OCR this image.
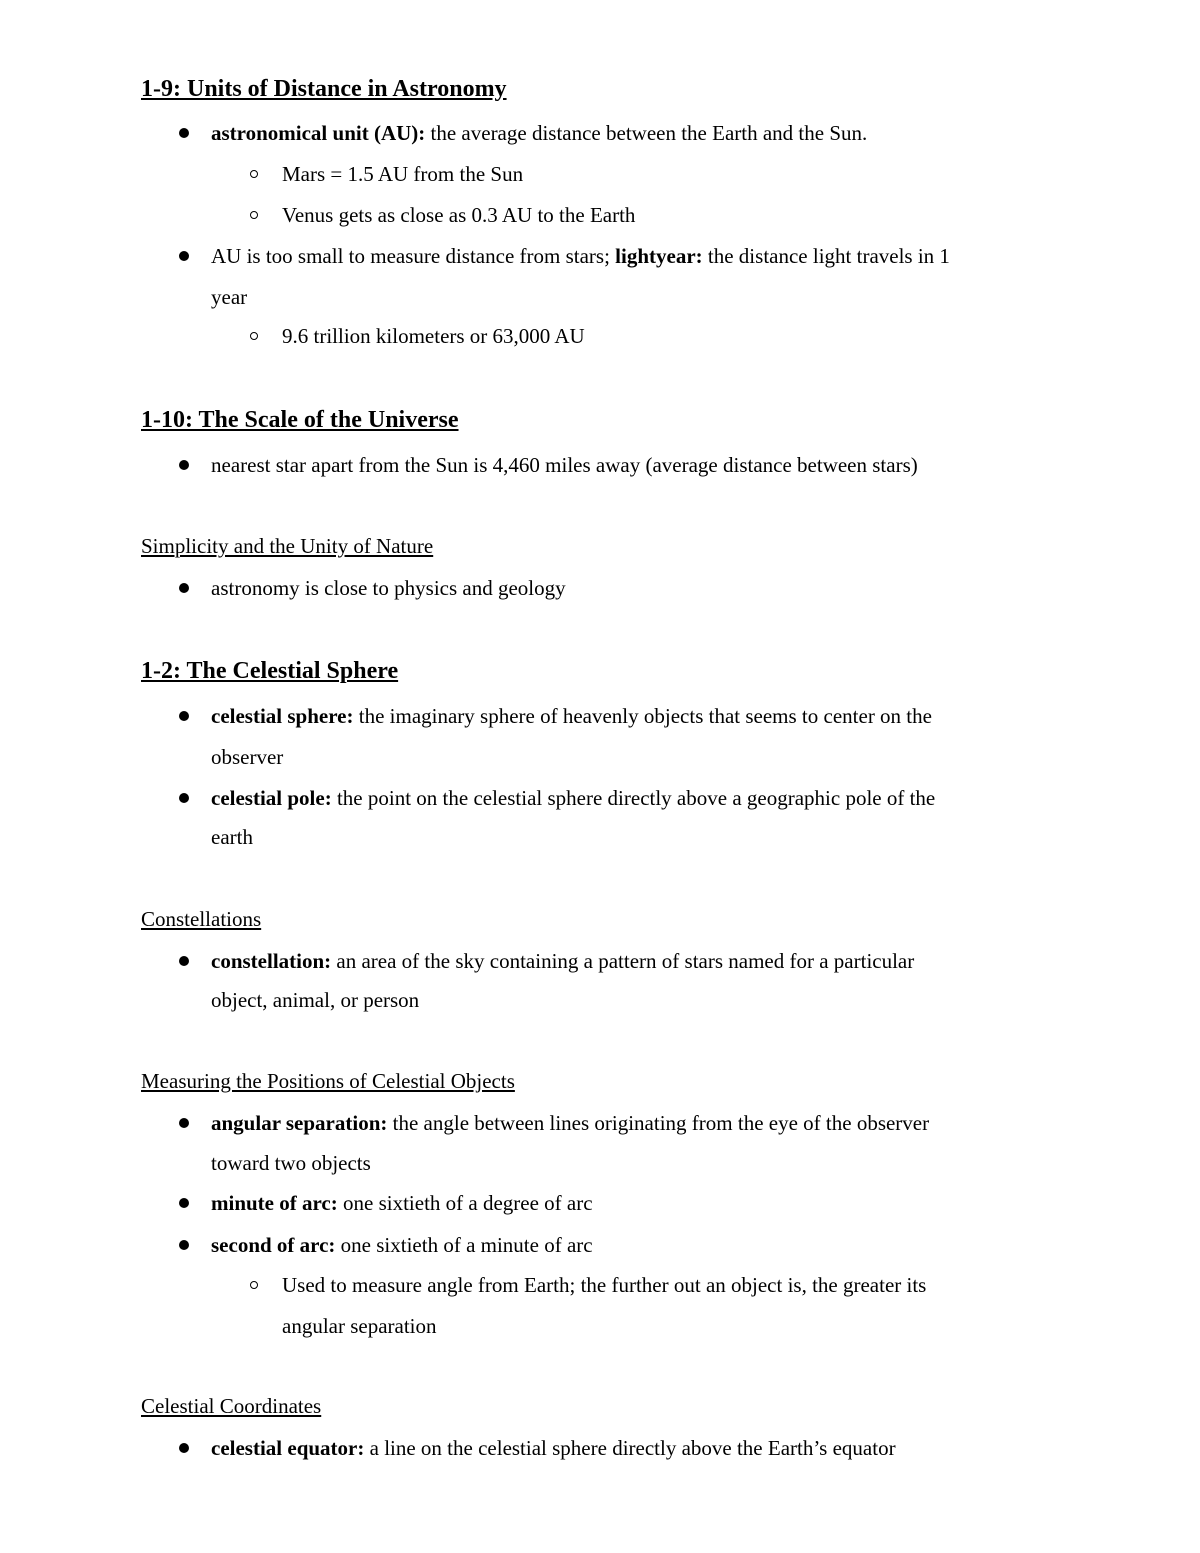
1-9: Units of Distance in Astronomy
astronomical unit (AU): the average distance between the Earth and the Sun.
Mars = 1.5 AU from the Sun
Venus gets as close as 0.3 AU to the Earth
AU is too small to measure distance from stars; lightyear: the distance light travels in 1
year
9.6 trillion kilometers or 63,000 AU
1-10: The Scale of the Universe
nearest star apart from the Sun is 4,460 miles away (average distance between stars)
Simplicity and the Unity of Nature
astronomy is close to physics and geology
1-2: The Celestial Sphere
celestial sphere: the imaginary sphere of heavenly objects that seems to center on the
observer
celestial pole: the point on the celestial sphere directly above a geographic pole of the
earth
Constellations
constellation: an area of the sky containing a pattern of stars named for a particular
object, animal, or person
Measuring the Positions of Celestial Objects
angular separation: the angle between lines originating from the eye of the observer
toward two objects
minute of arc: one sixtieth of a degree of arc
second of arc: one sixtieth of a minute of arc
Used to measure angle from Earth; the further out an object is, the greater its
angular separation
Celestial Coordinates
celestial equator: a line on the celestial sphere directly above the Earth’s equator
